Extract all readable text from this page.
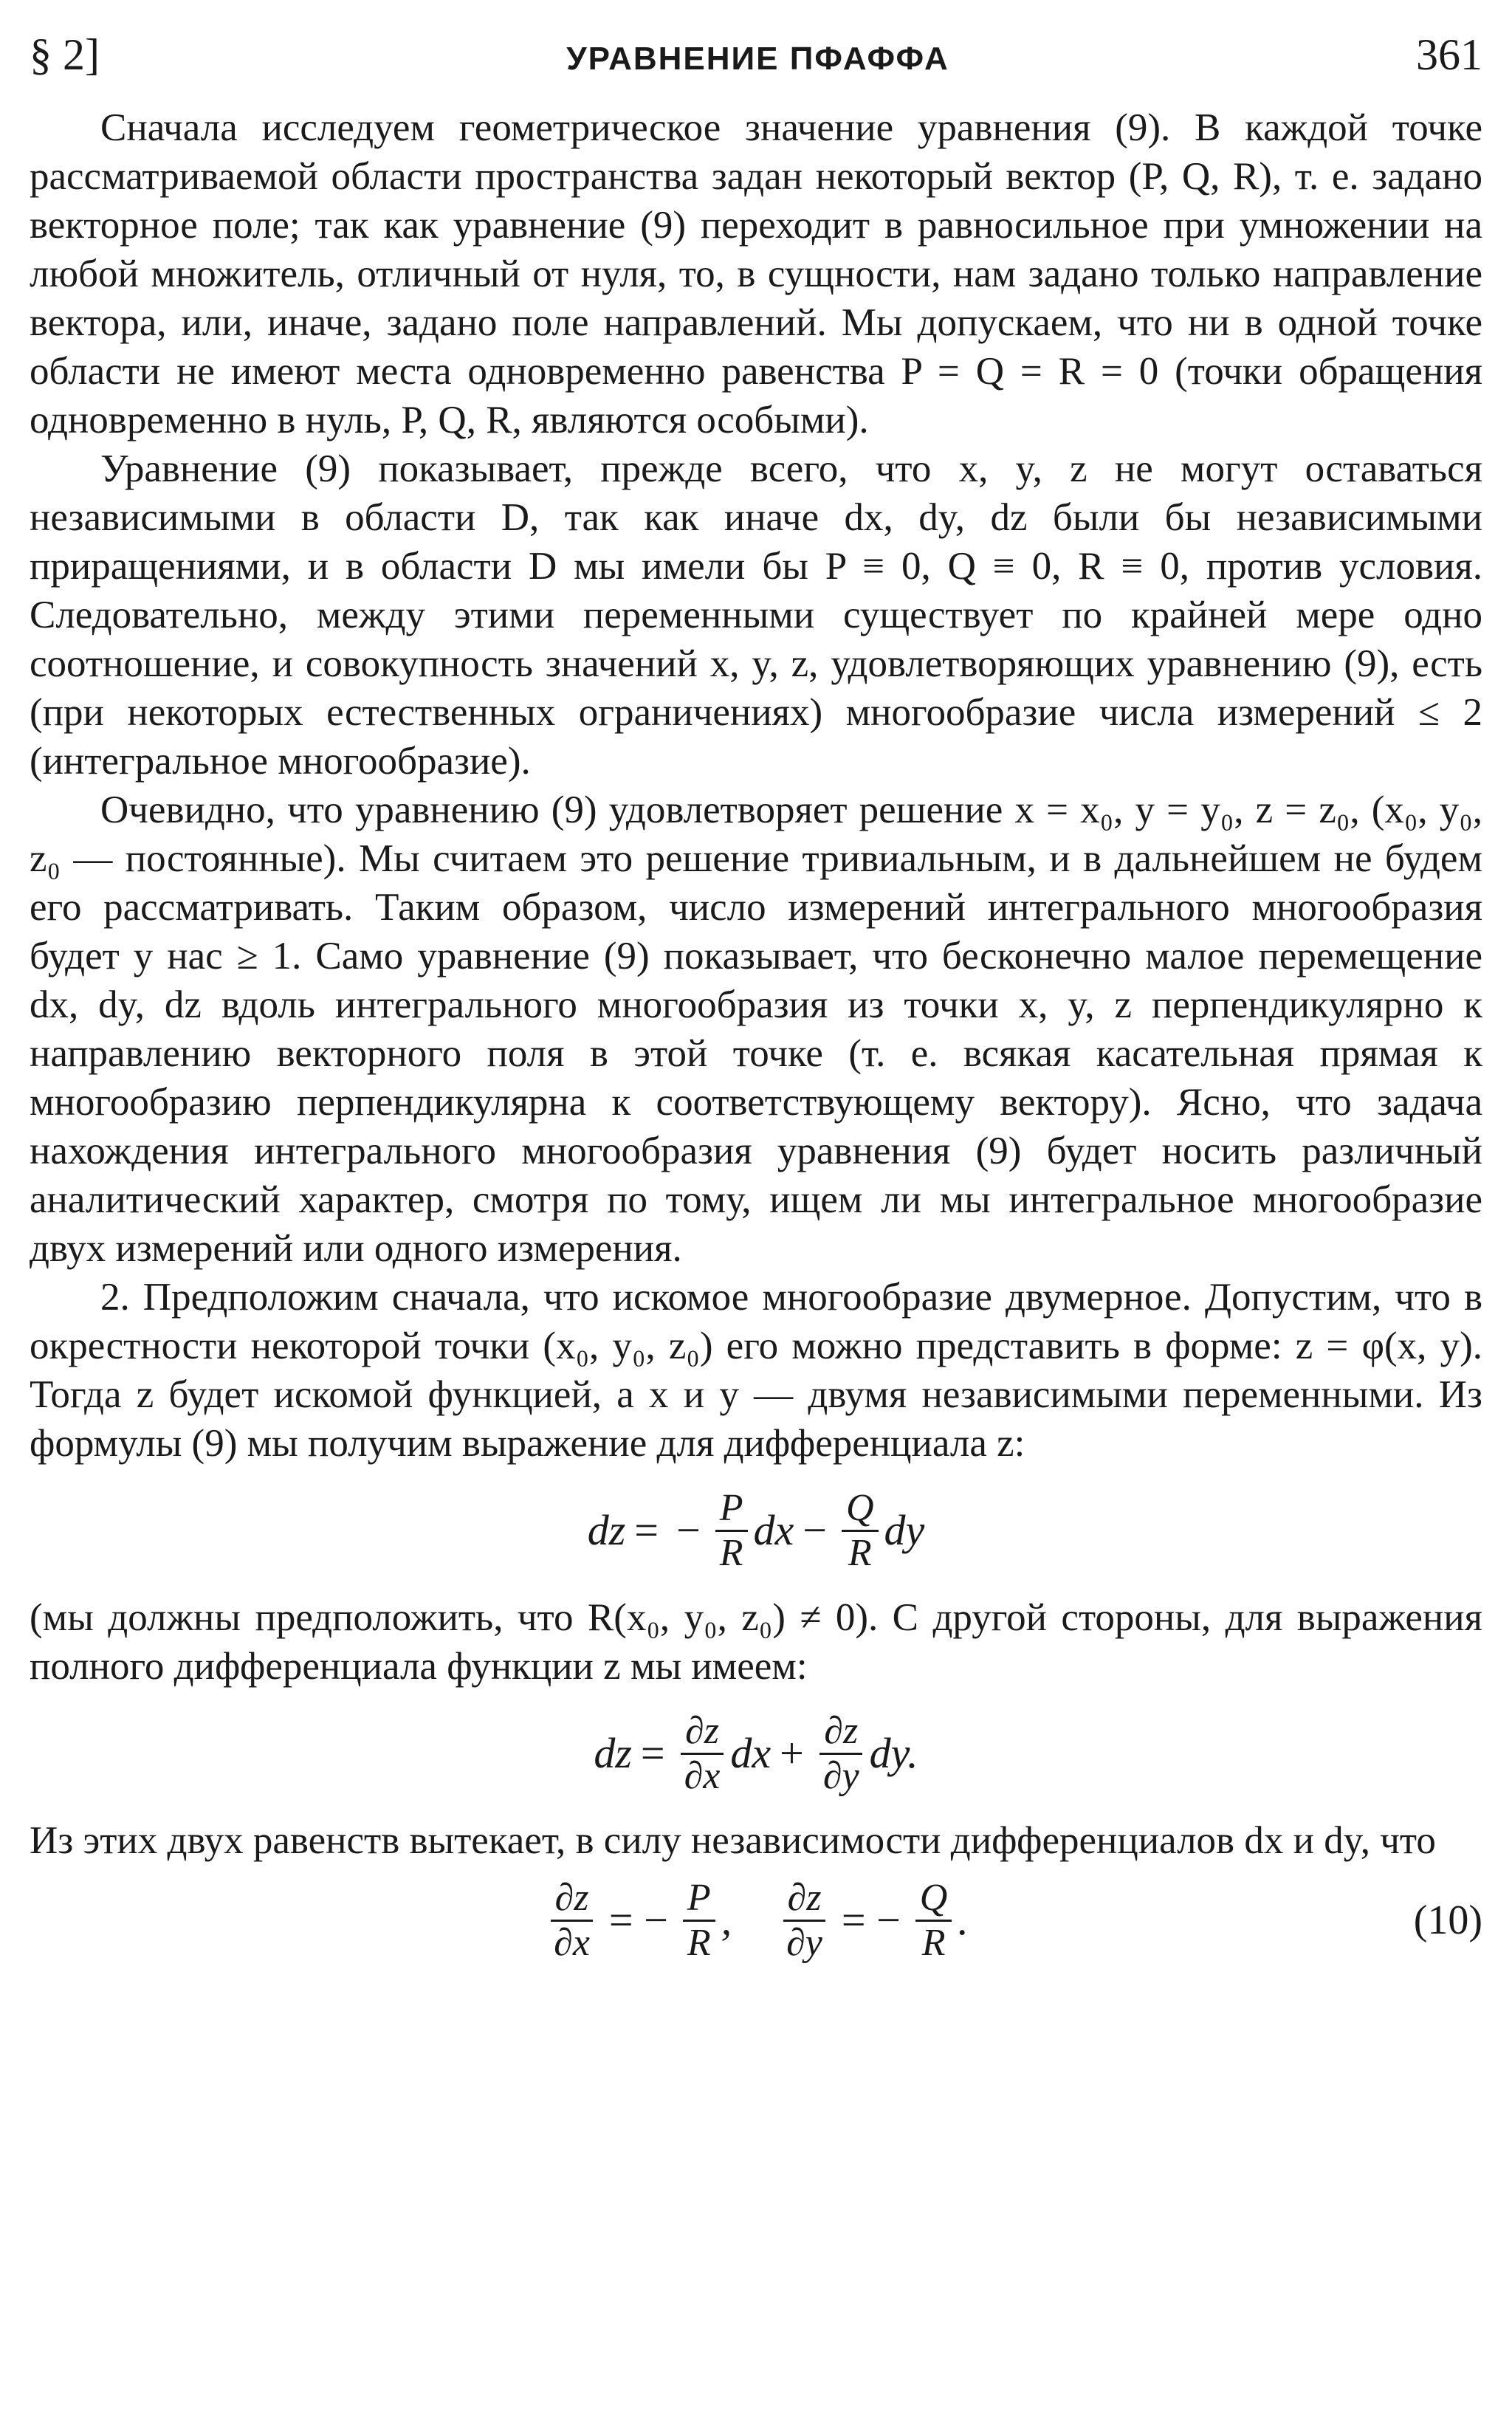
§ 2]	УРАВНЕНИЕ ПФАФФА	361

Сначала исследуем геометрическое значение уравнения (9). В каждой точке рассматриваемой области пространства задан некоторый вектор (P, Q, R), т. е. задано векторное поле; так как уравнение (9) переходит в равносильное при умножении на любой множитель, отличный от нуля, то, в сущности, нам задано только направление вектора, или, иначе, задано поле направлений. Мы допускаем, что ни в одной точке области не имеют места одновременно равенства P = Q = R = 0 (точки обращения одновременно в нуль, P, Q, R, являются особыми).

Уравнение (9) показывает, прежде всего, что x, y, z не могут оставаться независимыми в области D, так как иначе dx, dy, dz были бы независимыми приращениями, и в области D мы имели бы P ≡ 0, Q ≡ 0, R ≡ 0, против условия. Следовательно, между этими переменными существует по крайней мере одно соотношение, и совокупность значений x, y, z, удовлетворяющих уравнению (9), есть (при некоторых естественных ограничениях) многообразие числа измерений ≤ 2 (интегральное многообразие).

Очевидно, что уравнению (9) удовлетворяет решение x = x₀, y = y₀, z = z₀, (x₀, y₀, z₀ — постоянные). Мы считаем это решение тривиальным, и в дальнейшем не будем его рассматривать. Таким образом, число измерений интегрального многообразия будет у нас ≥ 1. Само уравнение (9) показывает, что бесконечно малое перемещение dx, dy, dz вдоль интегрального многообразия из точки x, y, z перпендикулярно к направлению векторного поля в этой точке (т. е. всякая касательная прямая к многообразию перпендикулярна к соответствующему вектору). Ясно, что задача нахождения интегрального многообразия уравнения (9) будет носить различный аналитический характер, смотря по тому, ищем ли мы интегральное многообразие двух измерений или одного измерения.

2. Предположим сначала, что искомое многообразие двумерное. Допустим, что в окрестности некоторой точки (x₀, y₀, z₀) его можно представить в форме: z = φ(x, y). Тогда z будет искомой функцией, а x и y — двумя независимыми переменными. Из формулы (9) мы получим выражение для дифференциала z:

dz = − $\frac{P}{R}$ dx − $\frac{Q}{R}$ dy

(мы должны предположить, что R(x₀, y₀, z₀) ≠ 0). С другой стороны, для выражения полного дифференциала функции z мы имеем:

dz = $\frac{\partial z}{\partial x}$ dx + $\frac{\partial z}{\partial y}$ dy.

Из этих двух равенств вытекает, в силу независимости дифференциалов dx и dy, что

$\frac{\partial z}{\partial x}$ = − $\frac{P}{R}$ , $\frac{\partial z}{\partial y}$ = − $\frac{Q}{R}$ .	(10)
